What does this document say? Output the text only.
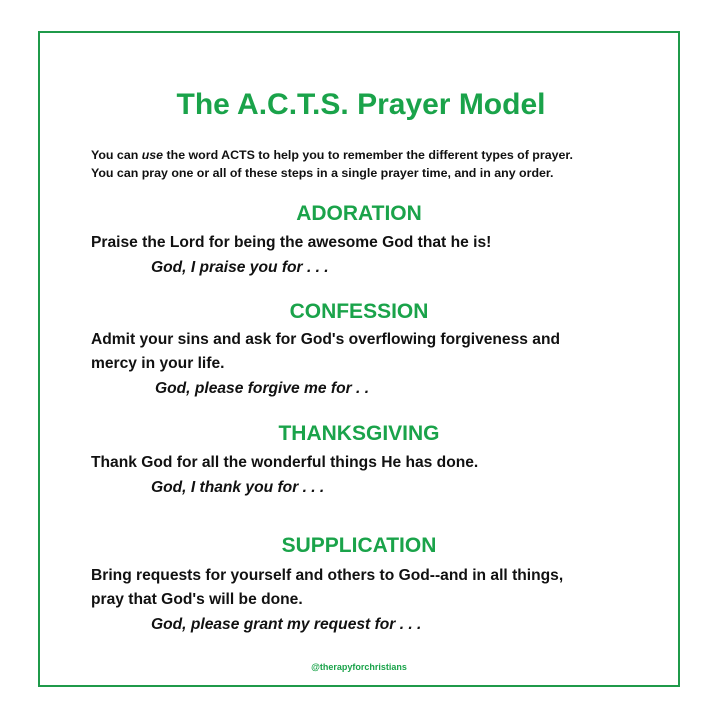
The A.C.T.S. Prayer Model
You can use the word ACTS to help you to remember the different types of prayer.
You can pray one or all of these steps in a single prayer time, and in any order.
ADORATION
Praise the Lord for being the awesome God that he is!
God, I praise you for . . .
CONFESSION
Admit your sins and ask for God's overflowing forgiveness and
mercy in your life.
God, please forgive me for . .
THANKSGIVING
Thank God for all the wonderful things He has done.
God, I thank you for . . .
SUPPLICATION
Bring requests for yourself and others to God--and in all things,
pray that God's will be done.
God, please grant my request for . . .
@therapyforchristians
